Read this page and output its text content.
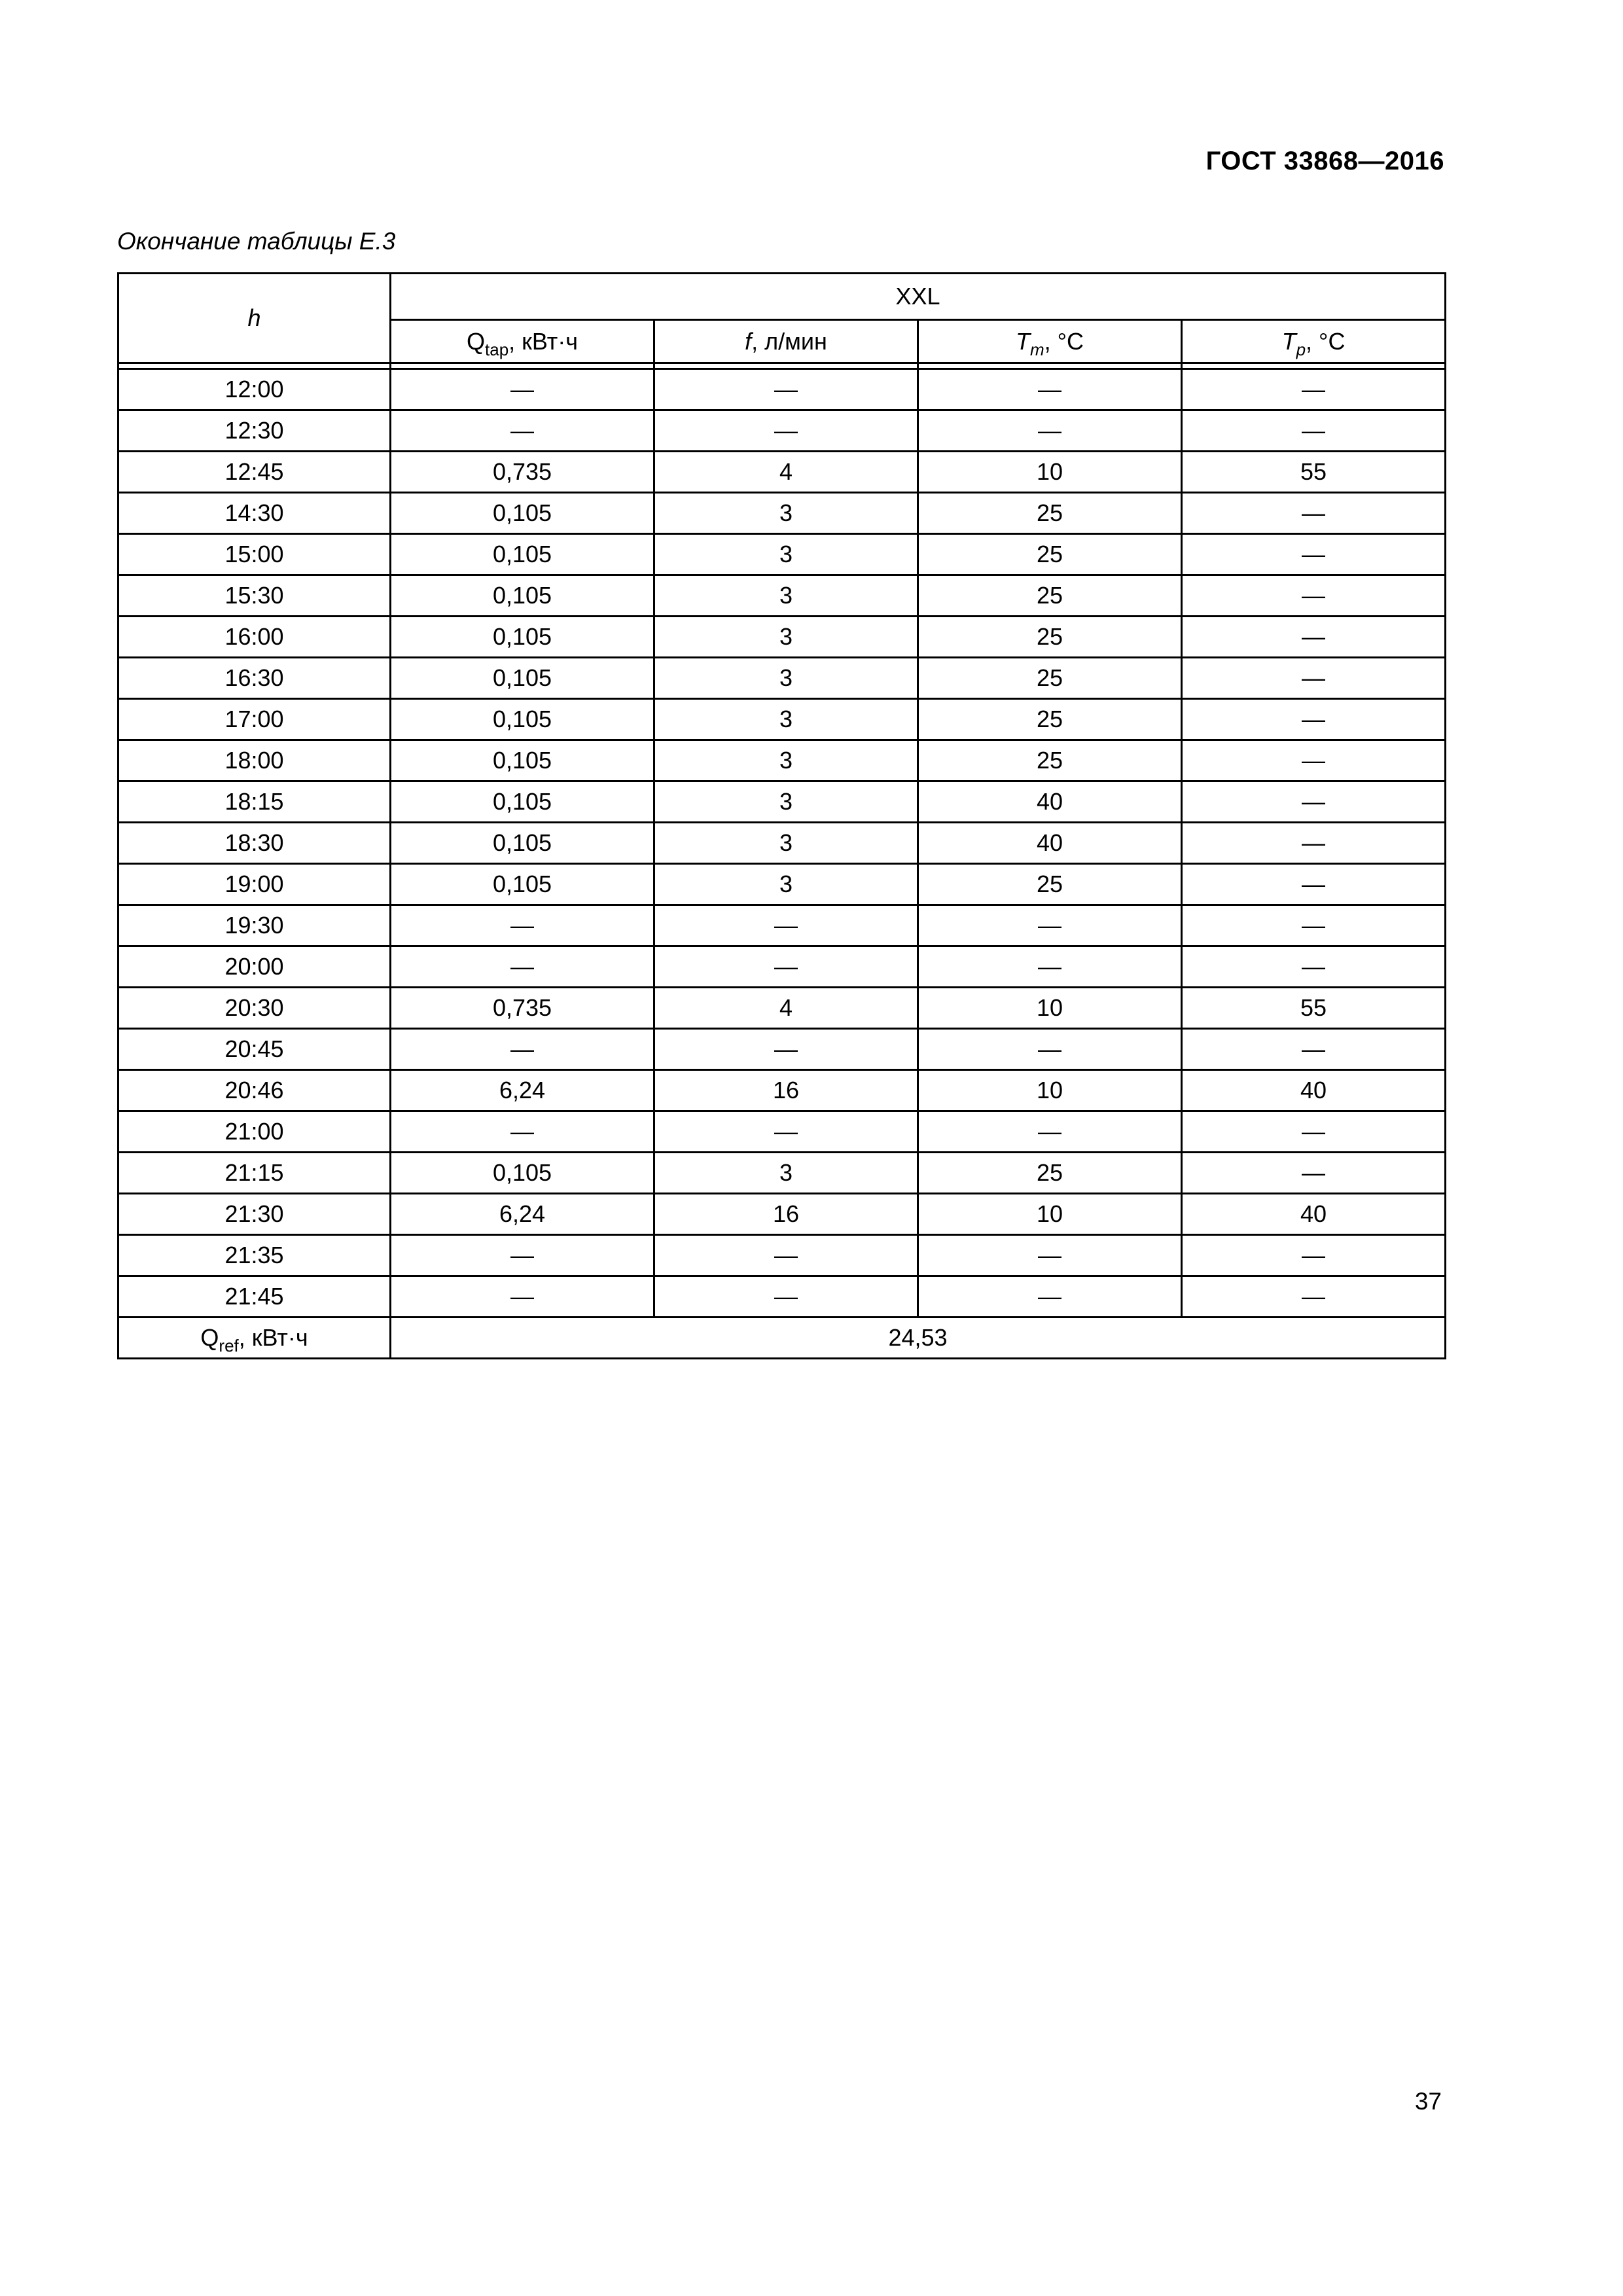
ГОСТ 33868—2016
Окончание таблицы Е.3
h	XXL			
	$Q_{tap}$, кВт·ч	f, л/мин	$T_m$, °C	$T_p$, °C

12:00	—	—	—	—
12:30	—	—	—	—
12:45	0,735	4	10	55
14:30	0,105	3	25	—
15:00	0,105	3	25	—
15:30	0,105	3	25	—
16:00	0,105	3	25	—
16:30	0,105	3	25	—
17:00	0,105	3	25	—
18:00	0,105	3	25	—
18:15	0,105	3	40	—
18:30	0,105	3	40	—
19:00	0,105	3	25	—
19:30	—	—	—	—
20:00	—	—	—	—
20:30	0,735	4	10	55
20:45	—	—	—	—
20:46	6,24	16	10	40
21:00	—	—	—	—
21:15	0,105	3	25	—
21:30	6,24	16	10	40
21:35	—	—	—	—
21:45	—	—	—	—
$Q_{ref}$, кВт·ч	24,53			
37
